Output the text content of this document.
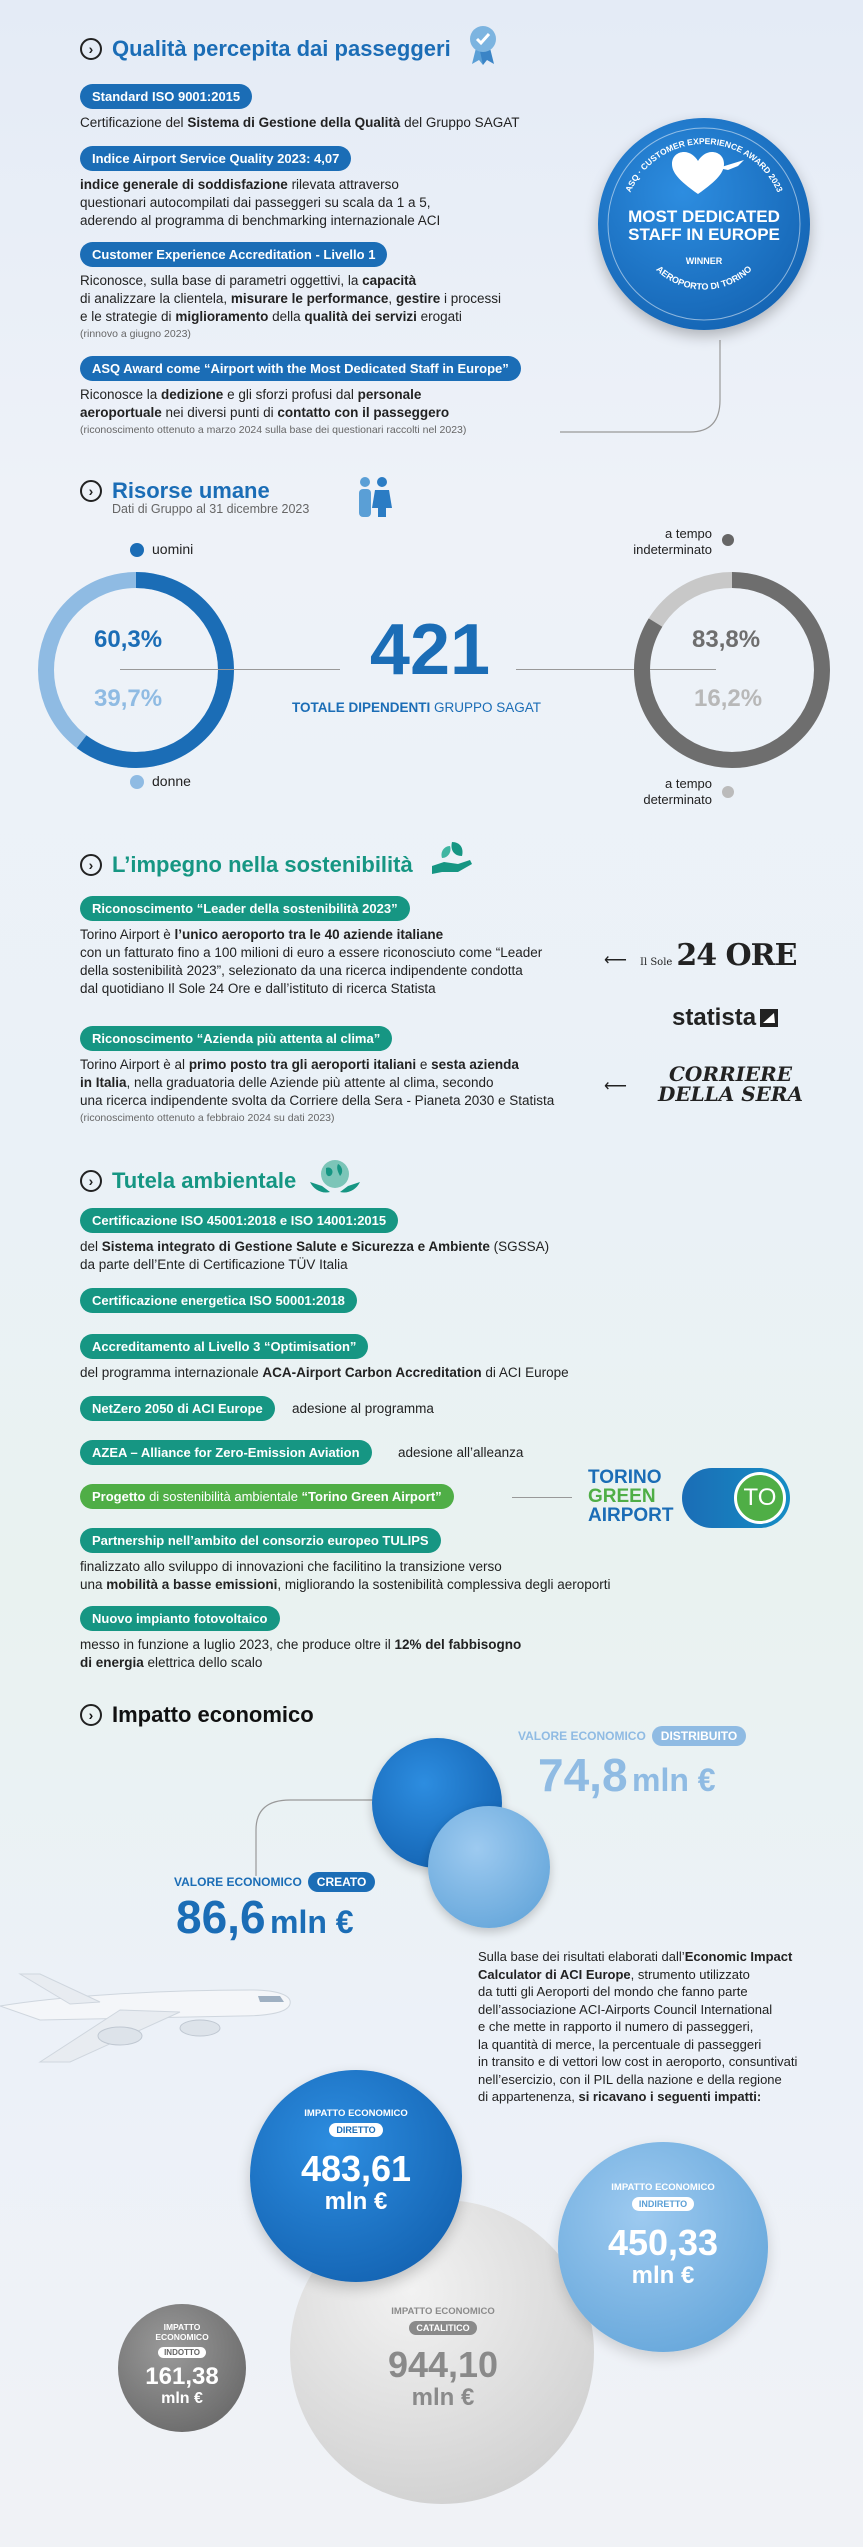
› Qualità percepita dai passeggeri
Standard ISO 9001:2015
Certificazione del Sistema di Gestione della Qualità del Gruppo SAGAT
Indice Airport Service Quality 2023: 4,07
indice generale di soddisfazione rilevata attraverso
questionari autocompilati dai passeggeri su scala da 1 a 5,
aderendo al programma di benchmarking internazionale ACI
Customer Experience Accreditation - Livello 1
Riconosce, sulla base di parametri oggettivi, la capacità
di analizzare la clientela, misurare le performance, gestire i processi
e le strategie di miglioramento della qualità dei servizi erogati
(rinnovo a giugno 2023)
ASQ Award come “Airport with the Most Dedicated Staff in Europe”
Riconosce la dedizione e gli sforzi profusi dal personale
aeroportuale nei diversi punti di contatto con il passeggero
(riconoscimento ottenuto a marzo 2024 sulla base dei questionari raccolti nel 2023)
ASQ · CUSTOMER EXPERIENCE AWARD 2023
AEROPORTO DI TORINO
MOST DEDICATED
STAFF IN EUROPE
WINNER
› Risorse umane
Dati di Gruppo al 31 dicembre 2023
uomini
donne
60,3%
39,7%
421
TOTALE DIPENDENTI GRUPPO SAGAT
a tempo
indeterminato
a tempo
determinato
83,8%
16,2%
› L’impegno nella sostenibilità
Riconoscimento “Leader della sostenibilità 2023”
Torino Airport è l’unico aeroporto tra le 40 aziende italiane
con un fatturato fino a 100 milioni di euro a essere riconosciuto come “Leader
della sostenibilità 2023”, selezionato da una ricerca indipendente condotta
dal quotidiano Il Sole 24 Ore e dall’istituto di ricerca Statista
Riconoscimento “Azienda più attenta al clima”
Torino Airport è al primo posto tra gli aeroporti italiani e sesta azienda
in Italia, nella graduatoria delle Aziende più attente al clima, secondo
una ricerca indipendente svolta da Corriere della Sera - Pianeta 2030 e Statista
(riconoscimento ottenuto a febbraio 2024 su dati 2023)
⟵ Il Sole 24 ORE
statista
⟵
CORRIERE
DELLA SERA
› Tutela ambientale
Certificazione ISO 45001:2018 e ISO 14001:2015
del Sistema integrato di Gestione Salute e Sicurezza e Ambiente (SGSSA)
da parte dell’Ente di Certificazione TÜV Italia
Certificazione energetica ISO 50001:2018
Accreditamento al Livello 3 “Optimisation”
del programma internazionale ACA-Airport Carbon Accreditation di ACI Europe
NetZero 2050 di ACI Europe	adesione al programma
AZEA – Alliance for Zero-Emission Aviation	adesione all’alleanza
Progetto di sostenibilità ambientale “Torino Green Airport”
TORINO
GREEN
AIRPORT
TO
Partnership nell’ambito del consorzio europeo TULIPS
finalizzato allo sviluppo di innovazioni che facilitino la transizione verso
una mobilità a basse emissioni, migliorando la sostenibilità complessiva degli aeroporti
Nuovo impianto fotovoltaico
messo in funzione a luglio 2023, che produce oltre il 12% del fabbisogno
di energia elettrica dello scalo
› Impatto economico
VALORE ECONOMICO	DISTRIBUITO
74,8 mln €
VALORE ECONOMICO	CREATO
86,6 mln €
Sulla base dei risultati elaborati dall’Economic Impact
Calculator di ACI Europe, strumento utilizzato
da tutti gli Aeroporti del mondo che fanno parte
dell’associazione ACI-Airports Council International
e che mette in rapporto il numero di passeggeri,
la quantità di merce, la percentuale di passeggeri
in transito e di vettori low cost in aeroporto, consuntivati
nell’esercizio, con il PIL della nazione e della regione
di appartenenza, si ricavano i seguenti impatti:
IMPATTO ECONOMICO
DIRETTO
483,61
mln €
IMPATTO ECONOMICO
INDIRETTO
450,33
mln €
IMPATTO ECONOMICO
CATALITICO
944,10
mln €
IMPATTO
ECONOMICO
INDOTTO
161,38
mln €
